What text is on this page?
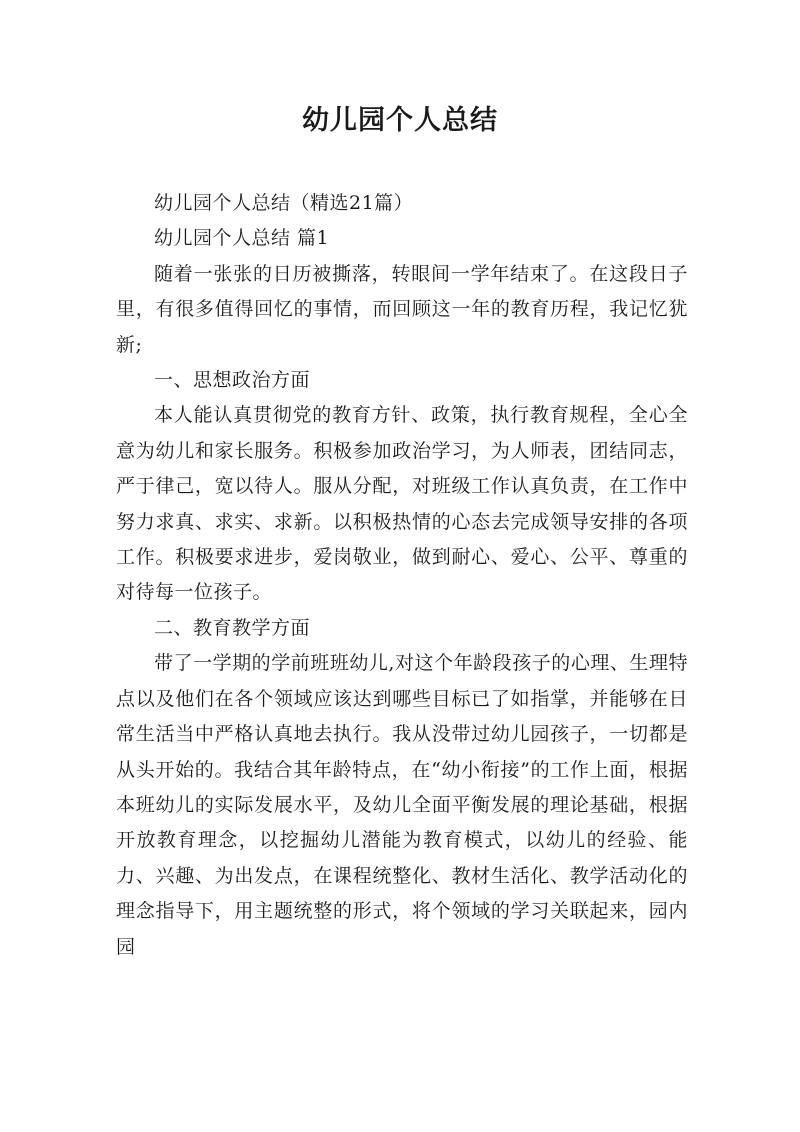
幼儿园个人总结

幼儿园个人总结（精选21篇）

幼儿园个人总结 篇1

随着一张张的日历被撕落，转眼间一学年结束了。在这段日子里，有很多值得回忆的事情，而回顾这一年的教育历程，我记忆犹新;

一、思想政治方面

本人能认真贯彻党的教育方针、政策，执行教育规程，全心全意为幼儿和家长服务。积极参加政治学习，为人师表，团结同志，严于律己，宽以待人。服从分配，对班级工作认真负责，在工作中努力求真、求实、求新。以积极热情的心态去完成领导安排的各项工作。积极要求进步，爱岗敬业，做到耐心、爱心、公平、尊重的对待每一位孩子。

二、教育教学方面

带了一学期的学前班班幼儿,对这个年龄段孩子的心理、生理特点以及他们在各个领域应该达到哪些目标已了如指掌，并能够在日常生活当中严格认真地去执行。我从没带过幼儿园孩子，一切都是从头开始的。我结合其年龄特点，在“幼小衔接”的工作上面，根据本班幼儿的实际发展水平，及幼儿全面平衡发展的理论基础，根据开放教育理念，以挖掘幼儿潜能为教育模式，以幼儿的经验、能力、兴趣、为出发点，在课程统整化、教材生活化、教学活动化的理念指导下，用主题统整的形式，将个领域的学习关联起来，园内园
